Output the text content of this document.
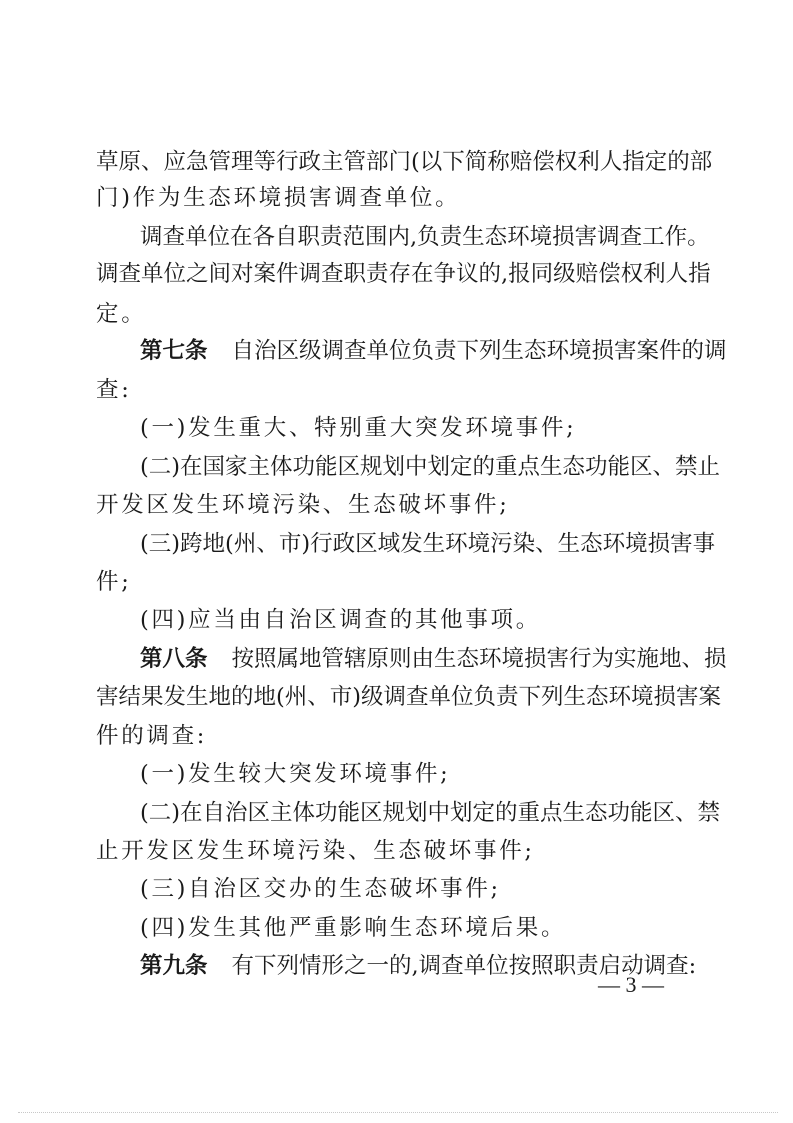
草原、应急管理等行政主管部门(以下简称赔偿权利人指定的部
门)作为生态环境损害调查单位。
调查单位在各自职责范围内,负责生态环境损害调查工作。
调查单位之间对案件调查职责存在争议的,报同级赔偿权利人指
定。
第七条 自治区级调查单位负责下列生态环境损害案件的调
查:
(一)发生重大、特别重大突发环境事件;
(二)在国家主体功能区规划中划定的重点生态功能区、禁止
开发区发生环境污染、生态破坏事件;
(三)跨地(州、市)行政区域发生环境污染、生态环境损害事
件;
(四)应当由自治区调查的其他事项。
第八条 按照属地管辖原则由生态环境损害行为实施地、损
害结果发生地的地(州、市)级调查单位负责下列生态环境损害案
件的调查:
(一)发生较大突发环境事件;
(二)在自治区主体功能区规划中划定的重点生态功能区、禁
止开发区发生环境污染、生态破坏事件;
(三)自治区交办的生态破坏事件;
(四)发生其他严重影响生态环境后果。
第九条 有下列情形之一的,调查单位按照职责启动调查:
— 3 —
